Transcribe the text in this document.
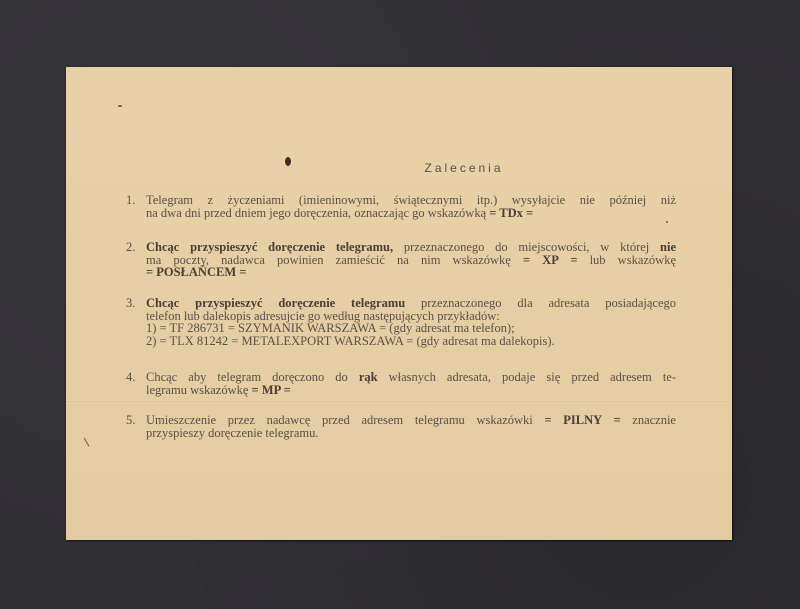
Zalecenia
1. Telegram z życzeniami (imieninowymi, świątecznymi itp.) wysyłajcie nie później niż

na dwa dni przed dniem jego doręczenia, oznaczając go wskazówką = TDx =

2. Chcąc przyspieszyć doręczenie telegramu, przeznaczonego do miejscowości, w której nie

ma poczty, nadawca powinien zamieścić na nim wskazówkę = XP = lub wskazówkę

= POSŁAŃCEM =

3. Chcąc przyspieszyć doręczenie telegramu przeznaczonego dla adresata posiadającego

telefon lub dalekopis adresujcie go według następujących przykładów:

1) = TF 286731 = SZYMANIK WARSZAWA = (gdy adresat ma telefon);

2) = TLX 81242 = METALEXPORT WARSZAWA = (gdy adresat ma dalekopis).

4. Chcąc aby telegram doręczono do rąk własnych adresata, podaje się przed adresem te-

legramu wskazówkę = MP =

5. Umieszczenie przez nadawcę przed adresem telegramu wskazówki = PILNY = znacznie

przyspieszy doręczenie telegramu.
